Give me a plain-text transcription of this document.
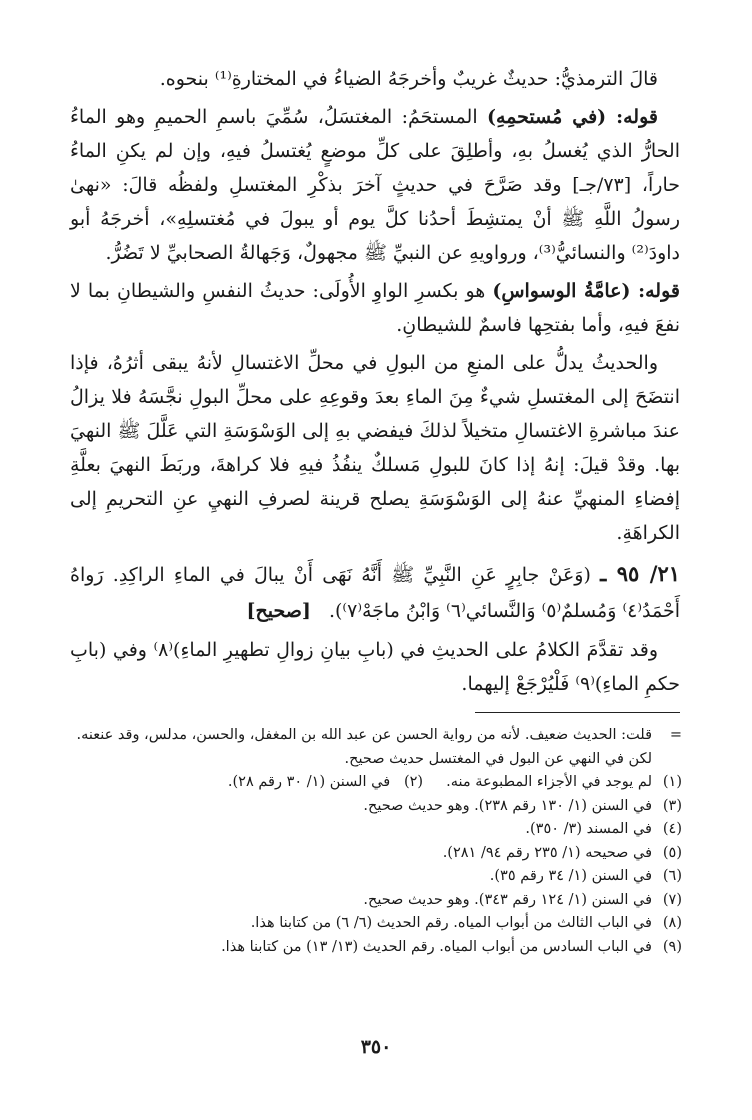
قالَ الترمذيُّ: حديثٌ غريبٌ وأخرجَهُ الضياءُ في المختارةِ⁽¹⁾ بنحوه.

قوله: (في مُستحمِهِ) المستحَمُ: المغتسَلُ، سُمِّيَ باسمِ الحميمِ وهو الماءُ الحارُّ الذي يُغسلُ بهِ، وأطلِقَ على كلِّ موضعٍ يُغتسلُ فيهِ، وإن لم يكنِ الماءُ حاراً، [٧٣/جـ] وقد صَرَّحَ في حديثٍ آخرَ بذكْرِ المغتسلِ ولفظُه قالَ: «نهىٰ رسولُ اللَّهِ ﷺ أنْ يمتشِطَ أحدُنا كلَّ يوم أو يبولَ في مُغتسلِهِ»، أخرجَهُ أبو داودَ⁽²⁾ والنسائيُّ⁽³⁾، ورواويهِ عن النبيِّ ﷺ مجهولٌ، وَجَهالةُ الصحابيِّ لا تَضُرُّ.

قوله: (عامَّةُ الوسواسِ) هو بكسرِ الواوِ الأُولَى: حديثُ النفسِ والشيطانِ بما لا نفعَ فيهِ، وأما بفتحِها فاسمٌ للشيطانِ.

والحديثُ يدلُّ على المنعِ من البولِ في محلِّ الاغتسالِ لأنهُ يبقى أثرُهُ، فإذا انتضَحَ إلى المغتسلِ شيءٌ مِنَ الماءِ بعدَ وقوعِهِ على محلِّ البولِ نجَّسَهُ فلا يزالُ عندَ مباشرةِ الاغتسالِ متخيلاً لذلكَ فيفضي بهِ إلى الوَسْوَسَةِ التي عَلَّلَ ﷺ النهيَ بها. وقدْ قيلَ: إنهُ إذا كانَ للبولِ مَسلكٌ ينفُذُ فيهِ فلا كراهةَ، وربَطَ النهيَ بعلَّةِ إفضاءِ المنهيِّ عنهُ إلى الوَسْوَسَةِ يصلح قرينة لصرفِ النهيِ عنِ التحريمِ إلى الكراهَةِ.

٢١/ ٩٥ ـ (وَعَنْ جابِرٍ عَنِ النَّبِيِّ ﷺ أَنَّهُ نَهَى أَنْ يبالَ في الماءِ الراكِدِ. رَواهُ أَحْمَدُ⁽٤⁾ وَمُسلمٌ⁽٥⁾ وَالنَّسائي⁽٦⁾ وَابْنُ ماجَهْ⁽٧⁾).   [صحيح]

وقد تقدَّمَ الكلامُ على الحديثِ في (بابِ بيانِ زوالِ تطهيرِ الماءِ)⁽٨⁾ وفي (بابِ حكمِ الماءِ)⁽٩⁾ فَلْيُرْجَعْ إليهما.

=
قلت: الحديث ضعيف. لأنه من رواية الحسن عن عبد الله بن المغفل، والحسن، مدلس، وقد عنعنه.
لكن في النهي عن البول في المغتسل حديث صحيح.
(١)
لم يوجد في الأجزاء المطبوعة منه.     (٢)   في السنن (١/ ٣٠ رقم ٢٨).
(٣)
في السنن (١/ ١٣٠ رقم ٢٣٨). وهو حديث صحيح.
(٤)
في المسند (٣/ ٣٥٠).
(٥)
في صحيحه (١/ ٢٣٥ رقم ٩٤/ ٢٨١).
(٦)
في السنن (١/ ٣٤ رقم ٣٥).
(٧)
في السنن (١/ ١٢٤ رقم ٣٤٣). وهو حديث صحيح.
(٨)
في الباب الثالث من أبواب المياه. رقم الحديث (٦/ ٦) من كتابنا هذا.
(٩)
في الباب السادس من أبواب المياه. رقم الحديث (١٣/ ١٣) من كتابنا هذا.
٣٥٠
